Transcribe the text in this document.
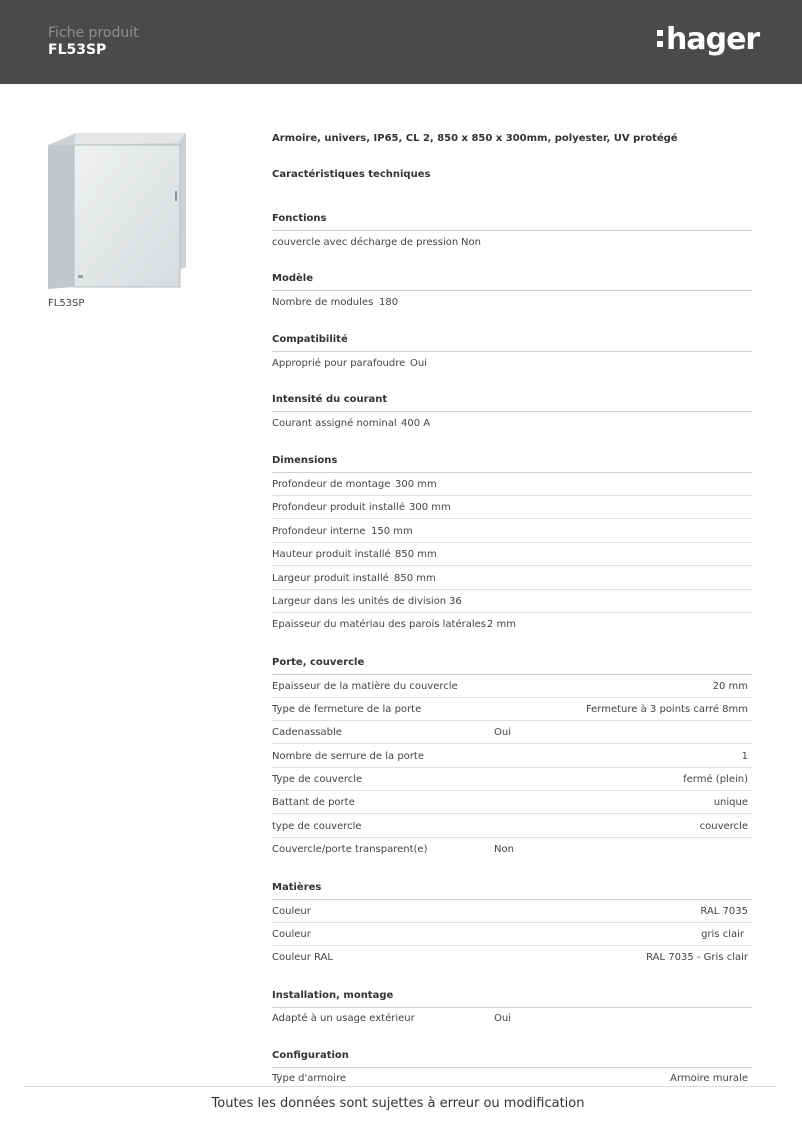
Fiche produit
FL53SP	hager
FL53SP
Armoire, univers, IP65, CL 2, 850 x 850 x 300mm, polyester, UV protégé
Caractéristiques techniques
Fonctions
couvercle avec décharge de pression Non
Modèle
Nombre de modules 180
Compatibilité
Approprié pour parafoudre Oui
Intensité du courant
Courant assigné nominal 400 A
Dimensions
Profondeur de montage 300 mm
Profondeur produit installé 300 mm
Profondeur interne 150 mm
Hauteur produit installé 850 mm
Largeur produit installé 850 mm
Largeur dans les unités de division 36
Epaisseur du matériau des parois latérales 2 mm
Porte, couvercle
Epaisseur de la matière du couvercle	20 mm
Type de fermeture de la porte	Fermeture à 3 points carré 8mm
Cadenassable	Oui
Nombre de serrure de la porte	1
Type de couvercle	fermé (plein)
Battant de porte	unique
type de couvercle	couvercle
Couvercle/porte transparent(e)	Non
Matières
Couleur	RAL 7035
Couleur	gris clair
Couleur RAL	RAL 7035 - Gris clair
Installation, montage
Adapté à un usage extérieur	Oui
Configuration
Type d'armoire	Armoire murale
Toutes les données sont sujettes à erreur ou modification
